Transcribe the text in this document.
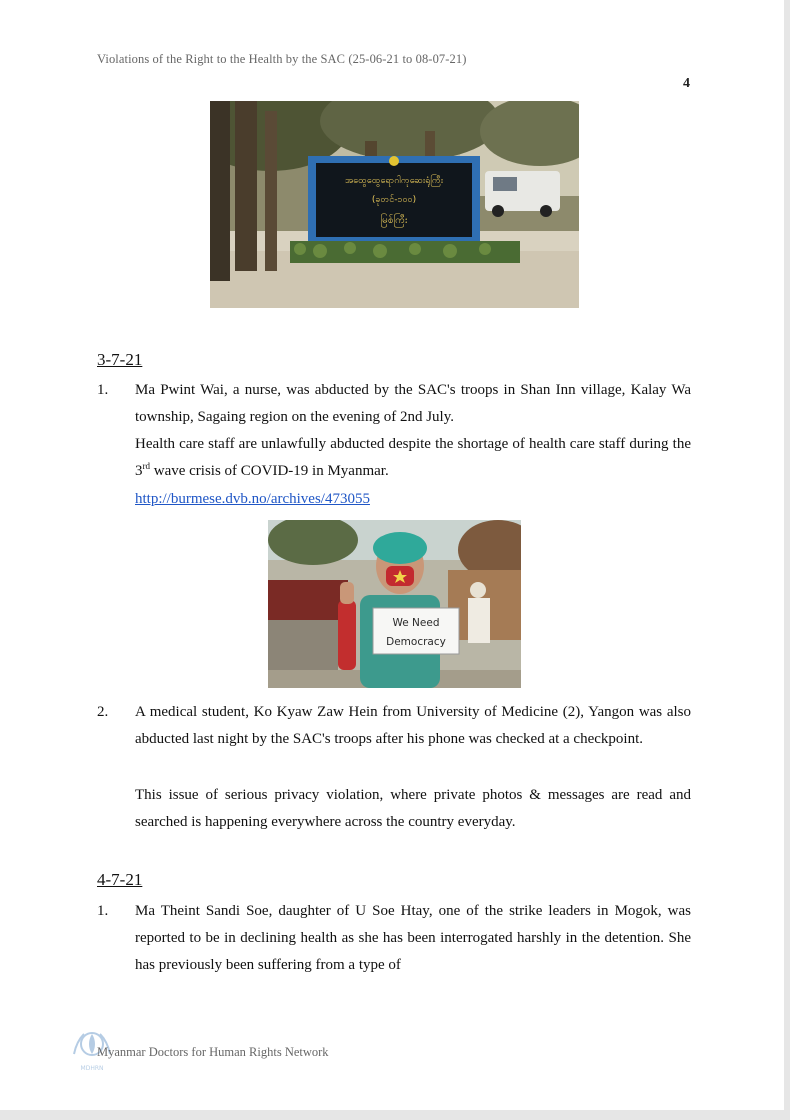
Violations of the Right to the Health by the SAC (25-06-21 to 08-07-21)
4
အထွေထွေရောဂါကုဆေးရုံကြီး
(ခုတင်-၁၀၀)
မြစ်ကြီး
3-7-21
1. Ma Pwint Wai, a nurse, was abducted by the SAC's troops in Shan Inn village, Kalay Wa township, Sagaing region on the evening of 2nd July.

Health care staff are unlawfully abducted despite the shortage of health care staff during the 3rd wave crisis of COVID-19 in Myanmar.

http://burmese.dvb.no/archives/473055
We Need
Democracy
2. A medical student, Ko Kyaw Zaw Hein from University of Medicine (2), Yangon was also abducted last night by the SAC's troops after his phone was checked at a checkpoint.

This issue of serious privacy violation, where private photos & messages are read and searched is happening everywhere across the country everyday.

4-7-21
1. Ma Theint Sandi Soe, daughter of U Soe Htay, one of the strike leaders in Mogok, was reported to be in declining health as she has been interrogated harshly in the detention. She has previously been suffering from a type of

MDHRN
Myanmar Doctors for Human Rights Network
